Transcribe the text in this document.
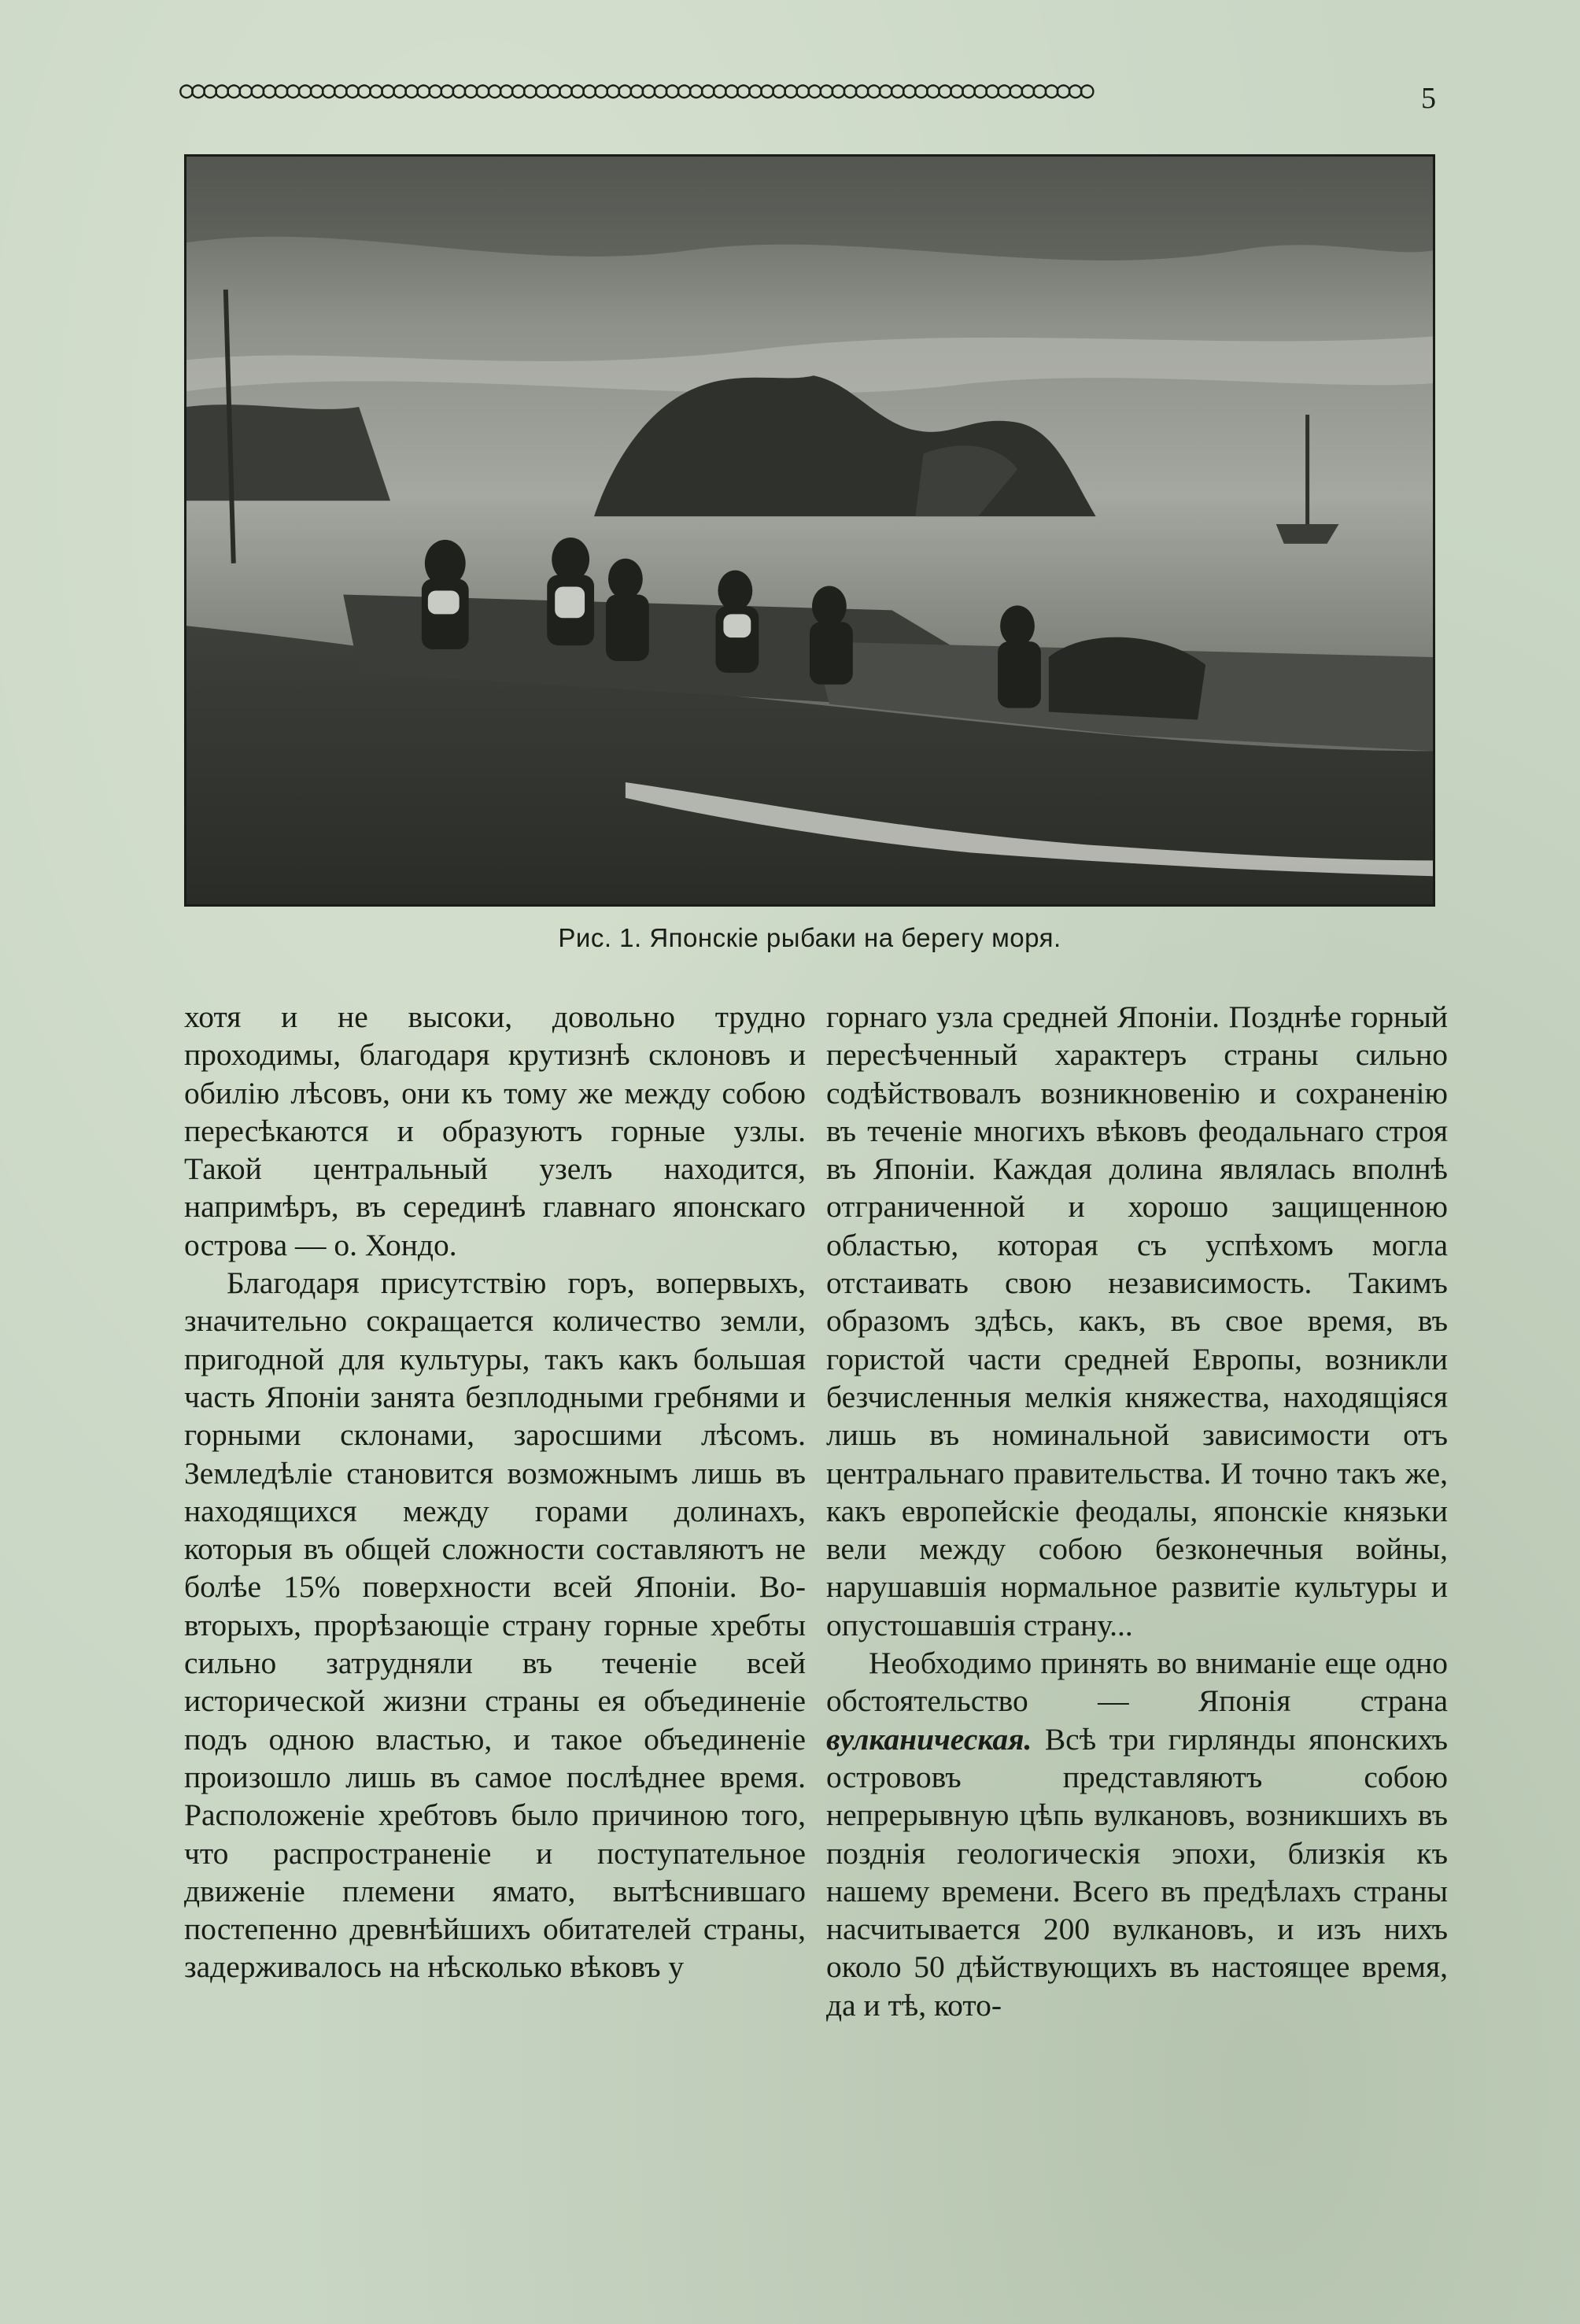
○○○○○○○○○○○○○○○○○○○○○○○○○○○○○○○○○○○○○○○○○○○○○○○○○○○○○○○○○○○○○○○○○○○○○○○○○○○○○	5
Рис. 1. Японскіе рыбаки на берегу моря.

хотя и не высоки, довольно трудно проходимы, благодаря крутизнѣ склоновъ и обилію лѣсовъ, они къ тому же между собою пересѣкаются и образуютъ горные узлы. Такой центральный узелъ находится, напримѣръ, въ серединѣ главнаго японскаго острова — о. Хондо.

Благодаря присутствію горъ, вопервыхъ, значительно сокращается количество земли, пригодной для культуры, такъ какъ большая часть Японіи занята безплодными гребнями и горными склонами, заросшими лѣсомъ. Земледѣліе становится возможнымъ лишь въ находящихся между горами долинахъ, которыя въ общей сложности составляютъ не болѣе 15% поверхности всей Японіи. Во-вторыхъ, прорѣзающіе страну горные хребты сильно затрудняли въ теченіе всей исторической жизни страны ея объединеніе подъ одною властью, и такое объединеніе произошло лишь въ самое послѣднее время. Расположеніе хребтовъ было причиною того, что распространеніе и поступательное движеніе племени ямато, вытѣснившаго постепенно древнѣйшихъ обитателей страны, задерживалось на нѣсколько вѣковъ у

горнаго узла средней Японіи. Позднѣе горный пересѣченный характеръ страны сильно содѣйствовалъ возникновенію и сохраненію въ теченіе многихъ вѣковъ феодальнаго строя въ Японіи. Каждая долина являлась вполнѣ отграниченной и хорошо защищенною областью, которая съ успѣхомъ могла отстаивать свою независимость. Такимъ образомъ здѣсь, какъ, въ свое время, въ гористой части средней Европы, возникли безчисленныя мелкія княжества, находящіяся лишь въ номинальной зависимости отъ центральнаго правительства. И точно такъ же, какъ европейскіе феодалы, японскіе князьки вели между собою безконечныя войны, нарушавшія нормальное развитіе культуры и опустошавшія страну...

Необходимо принять во вниманіе еще одно обстоятельство — Японія страна вулканическая. Всѣ три гирлянды японскихъ острововъ представляютъ собою непрерывную цѣпь вулкановъ, возникшихъ въ позднія геологическія эпохи, близкія къ нашему времени. Всего въ предѣлахъ страны насчитывается 200 вулкановъ, и изъ нихъ около 50 дѣйствующихъ въ настоящее время, да и тѣ, кото-
